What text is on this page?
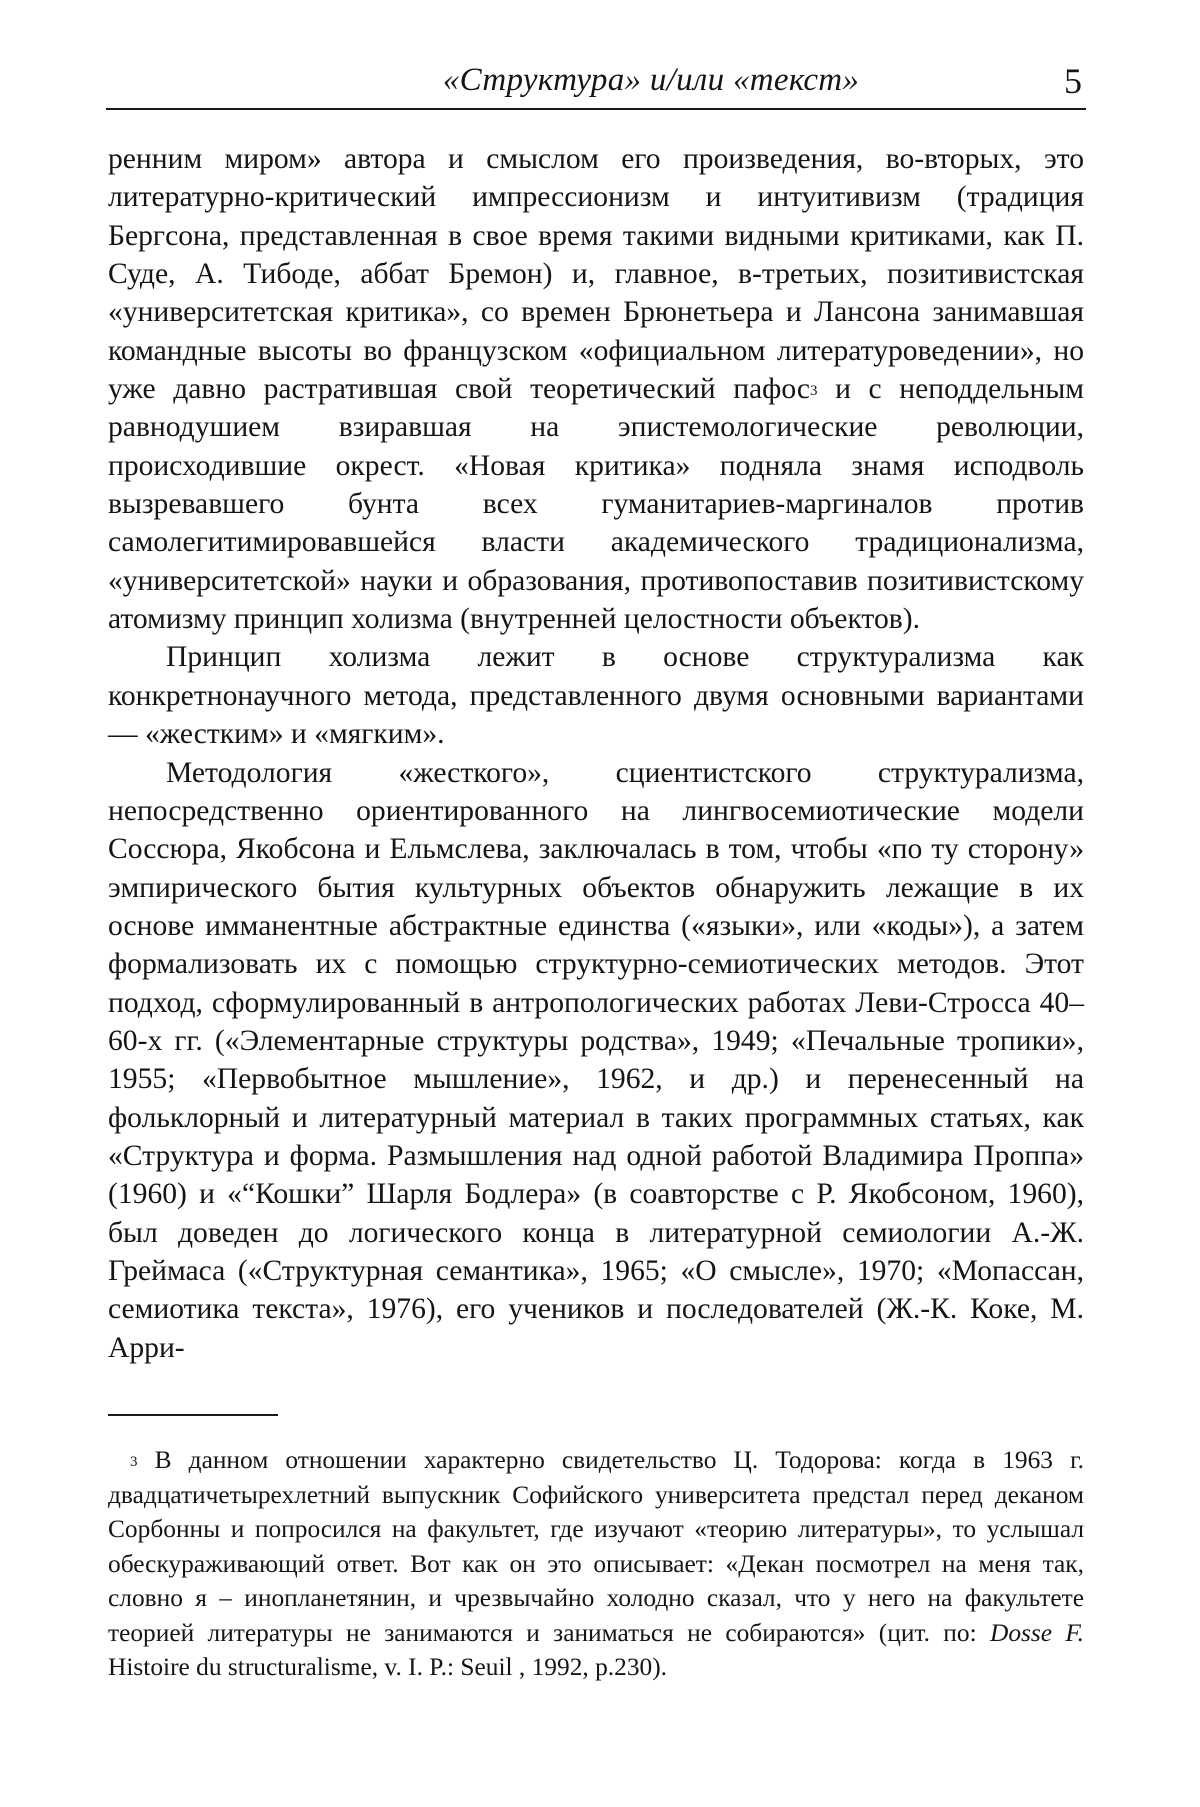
«Структура» и/или «текст»	5

ренним миром» автора и смыслом его произведения, во-вторых, это литературно-критический импрессионизм и интуитивизм (традиция Бергсона, представленная в свое время такими видными критиками, как П. Суде, А. Тибоде, аббат Бремон) и, главное, в-третьих, позитивистская «университетская критика», со времен Брюнетьера и Лансона занимавшая командные высоты во французском «официальном литературоведении», но уже давно растратившая свой теоретический пафос$^3$ и с неподдельным равнодушием взиравшая на эпистемологические революции, происходившие окрест. «Новая критика» подняла знамя исподволь вызревавшего бунта всех гуманитариев-маргиналов против самолегитимировавшейся власти академического традиционализма, «университетской» науки и образования, противопоставив позитивистскому атомизму принцип холизма (внутренней целостности объектов).

Принцип холизма лежит в основе структурализма как конкретнонаучного метода, представленного двумя основными вариантами — «жестким» и «мягким».

Методология «жесткого», сциентистского структурализма, непосредственно ориентированного на лингвосемиотические модели Соссюра, Якобсона и Ельмслева, заключалась в том, чтобы «по ту сторону» эмпирического бытия культурных объектов обнаружить лежащие в их основе имманентные абстрактные единства («языки», или «коды»), а затем формализовать их с помощью структурно-семиотических методов. Этот подход, сформулированный в антропологических работах Леви-Стросса 40–60-х гг. («Элементарные структуры родства», 1949; «Печальные тропики», 1955; «Первобытное мышление», 1962, и др.) и перенесенный на фольклорный и литературный материал в таких программных статьях, как «Структура и форма. Размышления над одной работой Владимира Проппа» (1960) и «“Кошки” Шарля Бодлера» (в соавторстве с Р. Якобсоном, 1960), был доведен до логического конца в литературной семиологии А.-Ж. Греймаса («Структурная семантика», 1965; «О смысле», 1970; «Мопассан, семиотика текста», 1976), его учеников и последователей (Ж.-К. Коке, М. Арри-

$^3$ В данном отношении характерно свидетельство Ц. Тодорова: когда в 1963 г. двадцатичетырехлетний выпускник Софийского университета предстал перед деканом Сорбонны и попросился на факультет, где изучают «теорию литературы», то услышал обескураживающий ответ. Вот как он это описывает: «Декан посмотрел на меня так, словно я – инопланетянин, и чрезвычайно холодно сказал, что у него на факультете теорией литературы не занимаются и заниматься не собираются» (цит. по: Dosse F. Histoire du structuralisme, v. I. P.: Seuil , 1992, p.230).
